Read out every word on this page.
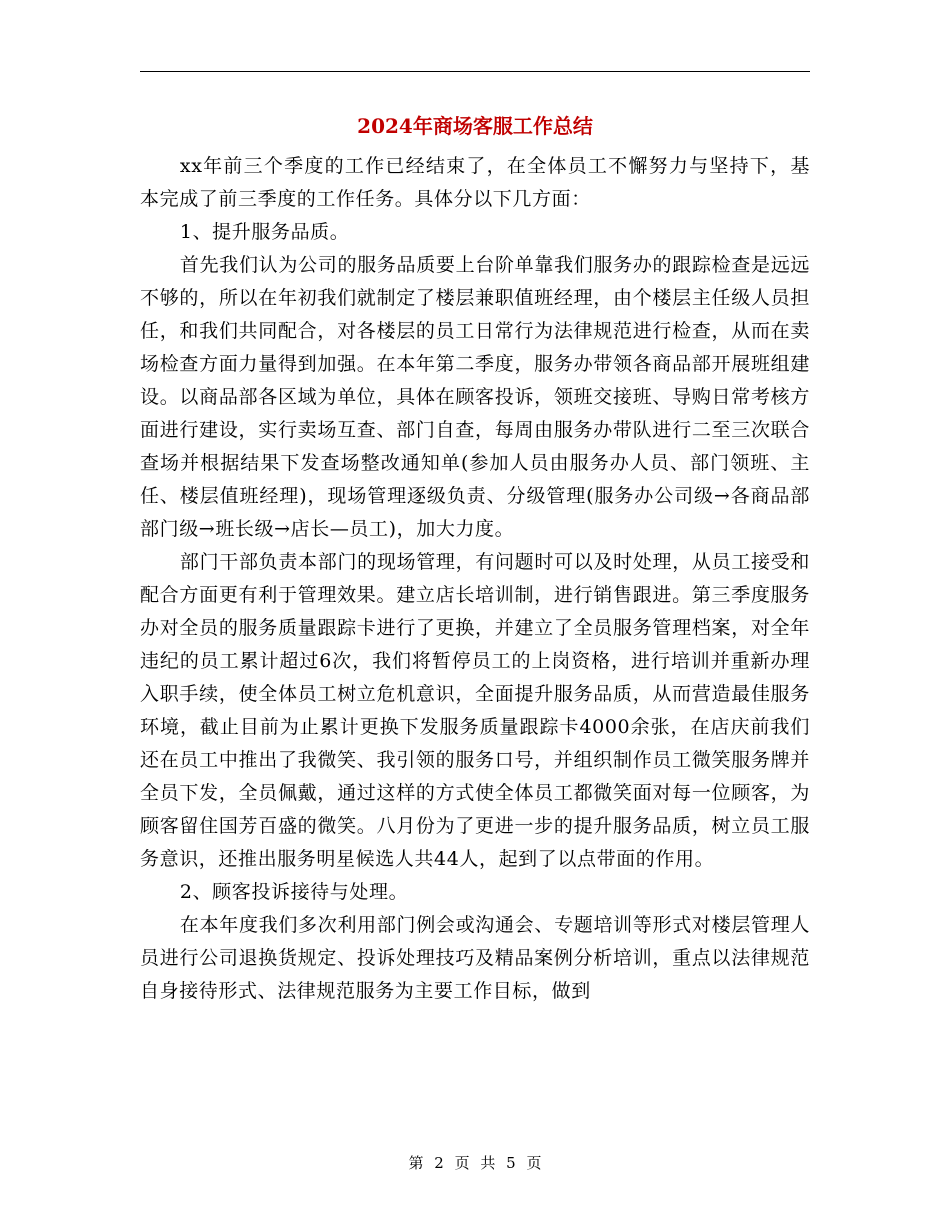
2024年商场客服工作总结

xx年前三个季度的工作已经结束了，在全体员工不懈努力与坚持下，基本完成了前三季度的工作任务。具体分以下几方面：

1、提升服务品质。

首先我们认为公司的服务品质要上台阶单靠我们服务办的跟踪检查是远远不够的，所以在年初我们就制定了楼层兼职值班经理，由个楼层主任级人员担任，和我们共同配合，对各楼层的员工日常行为法律规范进行检查，从而在卖场检查方面力量得到加强。在本年第二季度，服务办带领各商品部开展班组建设。以商品部各区域为单位，具体在顾客投诉，领班交接班、导购日常考核方面进行建设，实行卖场互查、部门自查，每周由服务办带队进行二至三次联合查场并根据结果下发查场整改通知单(参加人员由服务办人员、部门领班、主任、楼层值班经理)，现场管理逐级负责、分级管理(服务办公司级→各商品部部门级→班长级→店长—员工)，加大力度。

部门干部负责本部门的现场管理，有问题时可以及时处理，从员工接受和配合方面更有利于管理效果。建立店长培训制，进行销售跟进。第三季度服务办对全员的服务质量跟踪卡进行了更换，并建立了全员服务管理档案，对全年违纪的员工累计超过6次，我们将暂停员工的上岗资格，进行培训并重新办理入职手续，使全体员工树立危机意识，全面提升服务品质，从而营造最佳服务环境，截止目前为止累计更换下发服务质量跟踪卡4000余张，在店庆前我们还在员工中推出了我微笑、我引领的服务口号，并组织制作员工微笑服务牌并全员下发，全员佩戴，通过这样的方式使全体员工都微笑面对每一位顾客，为顾客留住国芳百盛的微笑。八月份为了更进一步的提升服务品质，树立员工服务意识，还推出服务明星候选人共44人，起到了以点带面的作用。

2、顾客投诉接待与处理。

在本年度我们多次利用部门例会或沟通会、专题培训等形式对楼层管理人员进行公司退换货规定、投诉处理技巧及精品案例分析培训，重点以法律规范自身接待形式、法律规范服务为主要工作目标，做到

第 2 页 共 5 页
